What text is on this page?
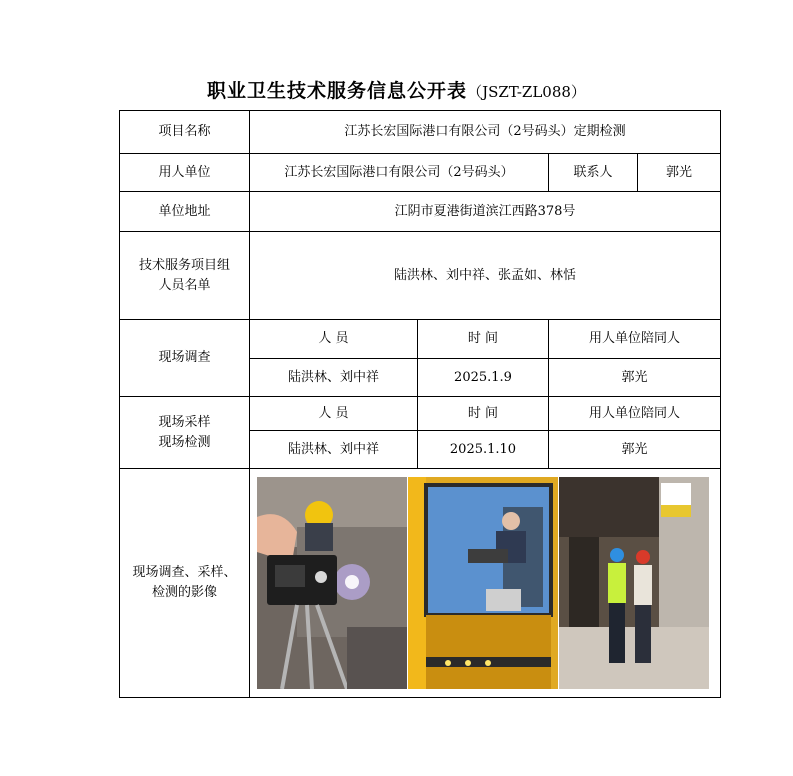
职业卫生技术服务信息公开表（JSZT-ZL088）
项目名称	江苏长宏国际港口有限公司（2号码头）定期检测			
用人单位	江苏长宏国际港口有限公司（2号码头）		联系人	郭光
单位地址	江阴市夏港街道滨江西路378号			
技术服务项目组
人员名单	陆洪林、刘中祥、张孟如、林恬			
现场调查	人 员	时 间	用人单位陪同人	
	陆洪林、刘中祥	2025.1.9	郭光	
现场采样
现场检测	人 员	时 间	用人单位陪同人	
	陆洪林、刘中祥	2025.1.10	郭光	
现场调查、采样、
检测的影像	
